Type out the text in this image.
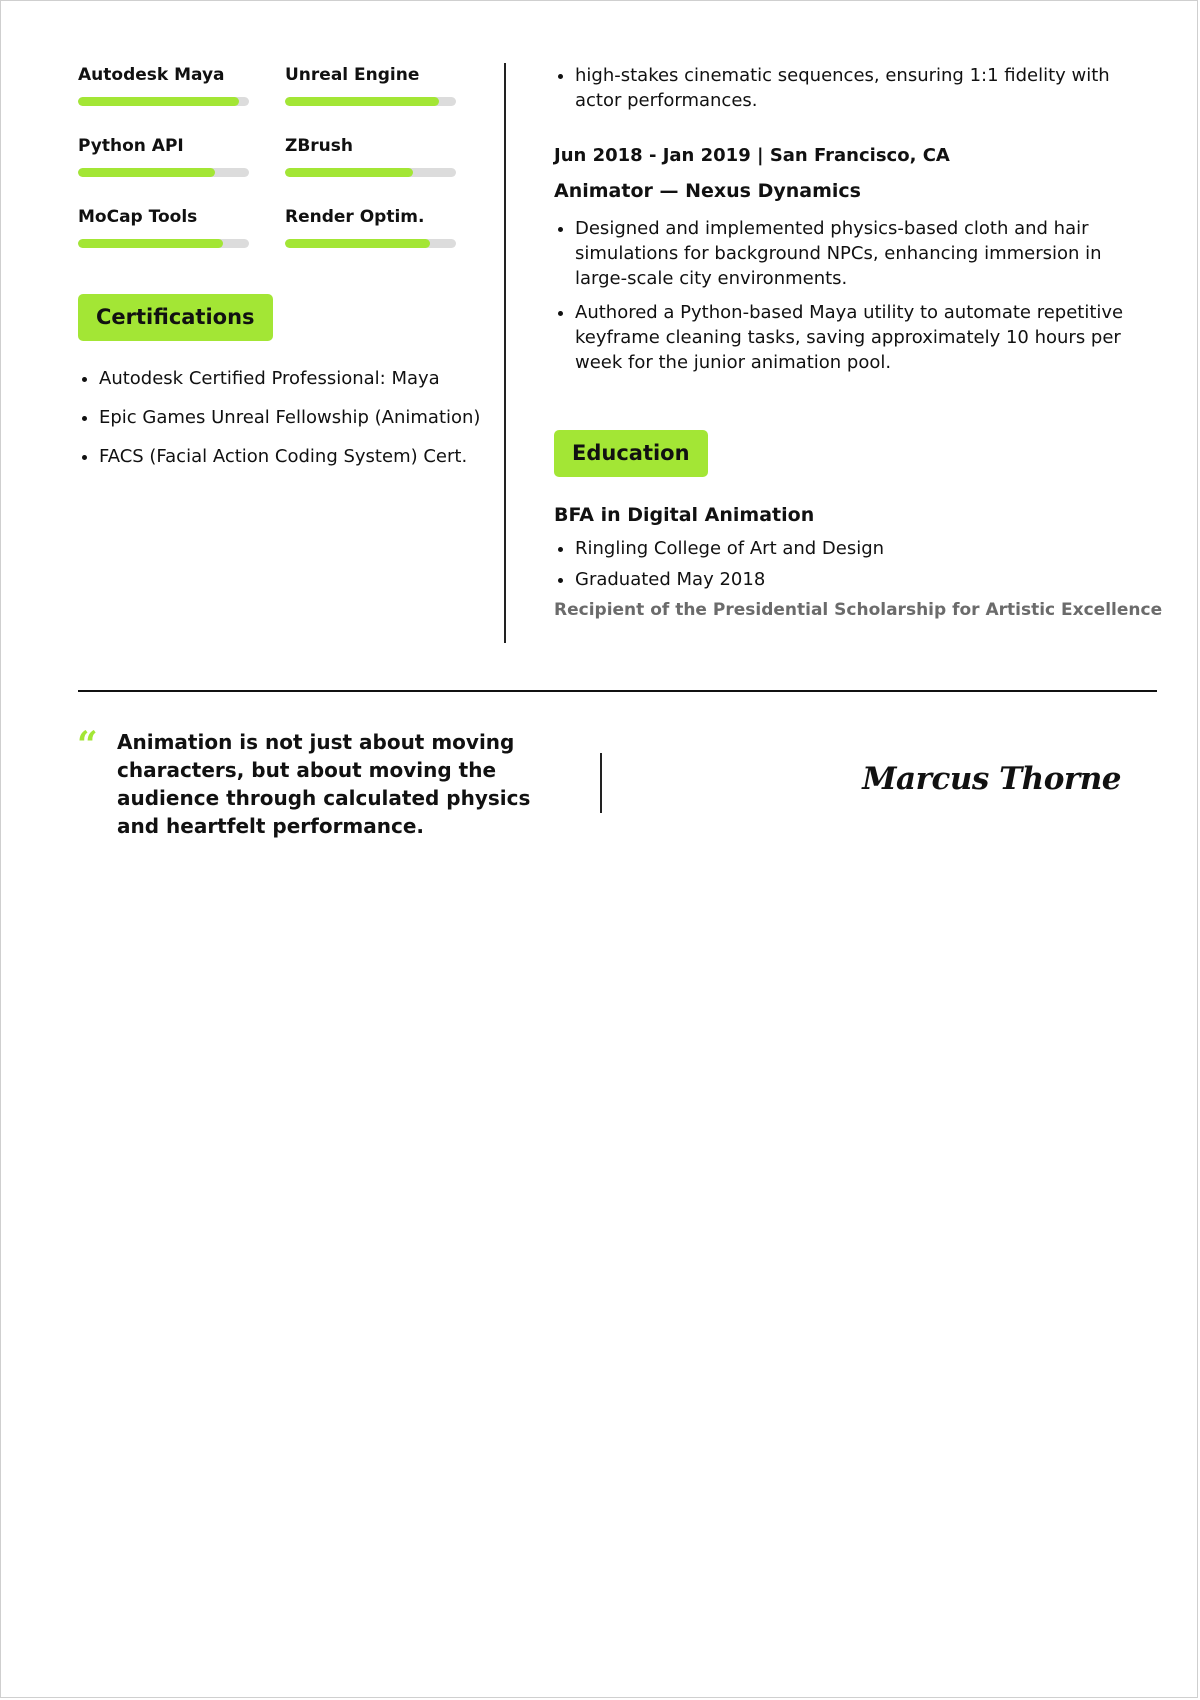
Autodesk Maya	Unreal Engine
Python API	ZBrush
MoCap Tools	Render Optim.
Certifications
• Autodesk Certified Professional: Maya
• Epic Games Unreal Fellowship (Animation)
• FACS (Facial Action Coding System) Cert.
• high-stakes cinematic sequences, ensuring 1:1 fidelity with actor performances.
Jun 2018 - Jan 2019 | San Francisco, CA
Animator — Nexus Dynamics
• Designed and implemented physics-based cloth and hair simulations for background NPCs, enhancing immersion in large-scale city environments.
• Authored a Python-based Maya utility to automate repetitive keyframe cleaning tasks, saving approximately 10 hours per week for the junior animation pool.
Education
BFA in Digital Animation
• Ringling College of Art and Design
• Graduated May 2018
Recipient of the Presidential Scholarship for Artistic Excellence
“ Animation is not just about moving characters, but about moving the audience through calculated physics and heartfelt performance.
Marcus Thorne
